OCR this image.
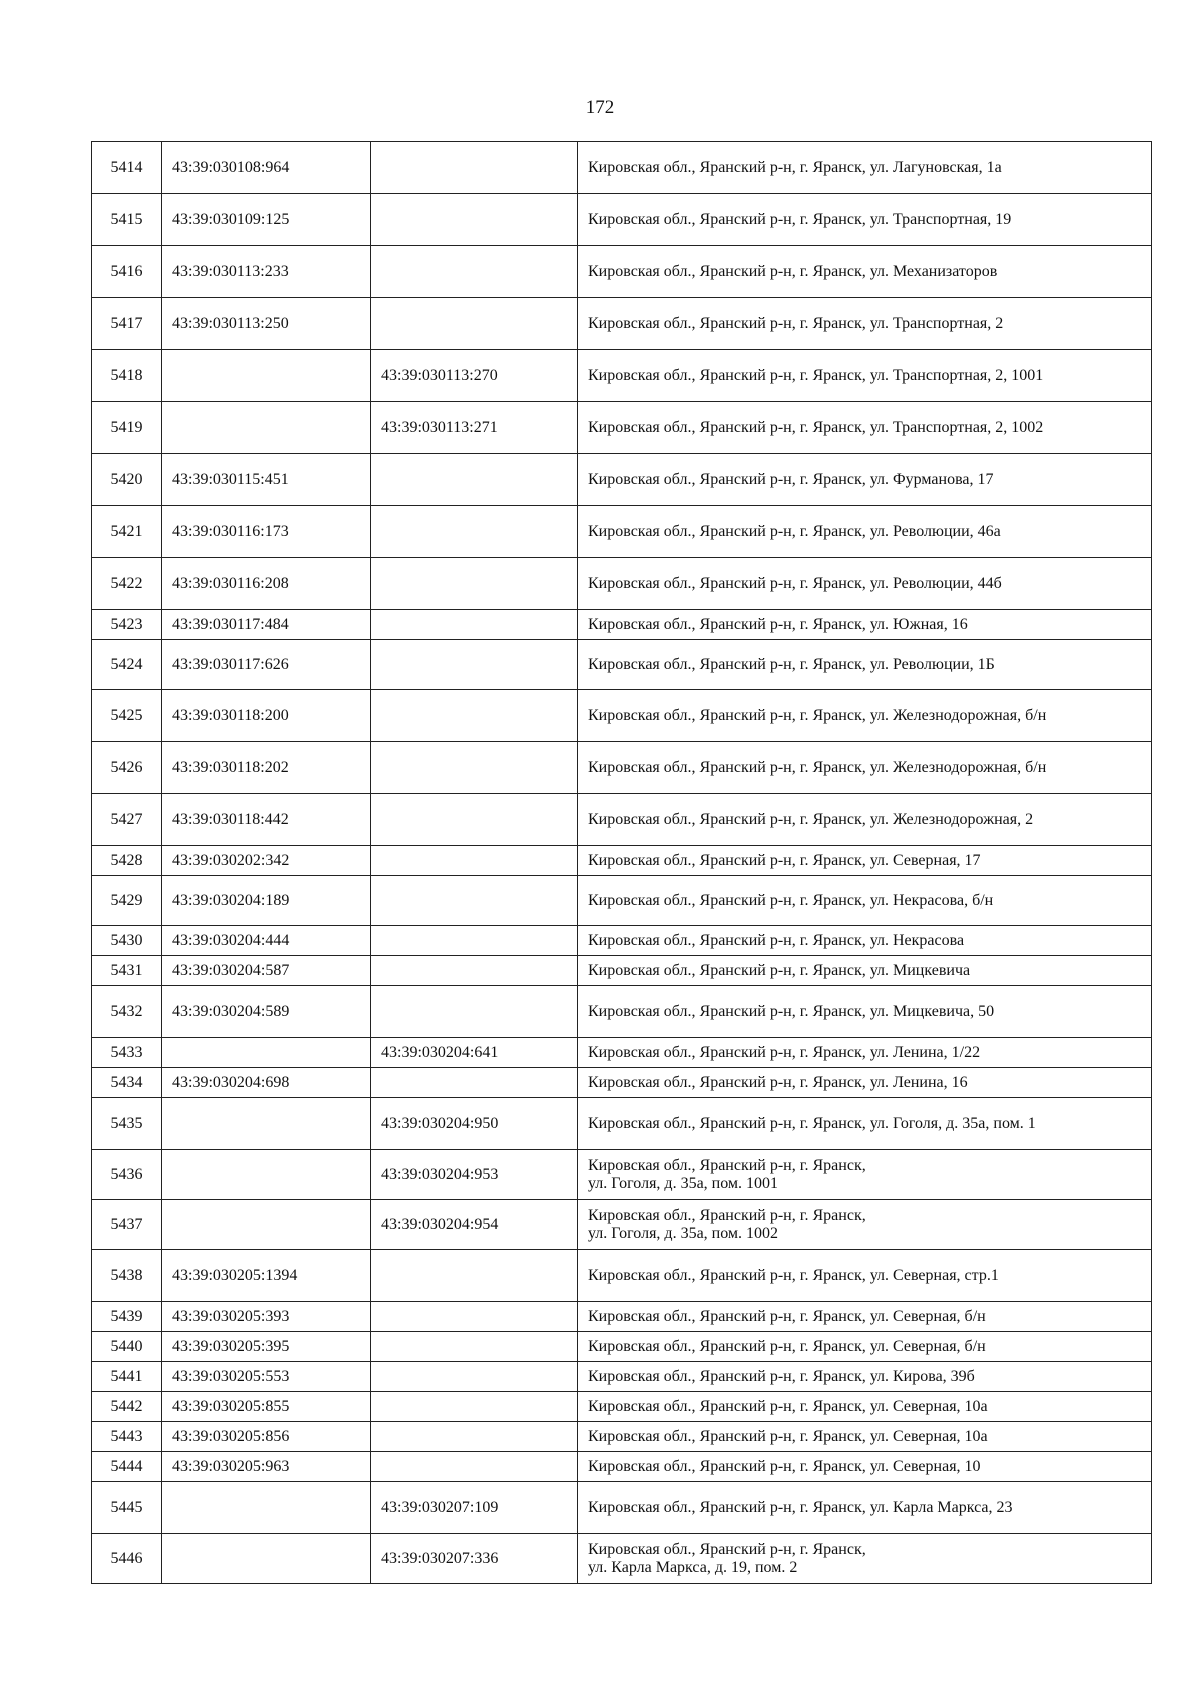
172
5414	43:39:030108:964		Кировская обл., Яранский р-н, г. Яранск, ул. Лагуновская, 1а

5415	43:39:030109:125		Кировская обл., Яранский р-н, г. Яранск, ул. Транспортная, 19

5416	43:39:030113:233		Кировская обл., Яранский р-н, г. Яранск, ул. Механизаторов

5417	43:39:030113:250		Кировская обл., Яранский р-н, г. Яранск, ул. Транспортная, 2

5418		43:39:030113:270	Кировская обл., Яранский р-н, г. Яранск, ул. Транспортная, 2, 1001

5419		43:39:030113:271	Кировская обл., Яранский р-н, г. Яранск, ул. Транспортная, 2, 1002

5420	43:39:030115:451		Кировская обл., Яранский р-н, г. Яранск, ул. Фурманова, 17

5421	43:39:030116:173		Кировская обл., Яранский р-н, г. Яранск, ул. Революции, 46а

5422	43:39:030116:208		Кировская обл., Яранский р-н, г. Яранск, ул. Революции, 44б

5423	43:39:030117:484		Кировская обл., Яранский р-н, г. Яранск, ул. Южная, 16

5424	43:39:030117:626		Кировская обл., Яранский р-н, г. Яранск, ул. Революции, 1Б

5425	43:39:030118:200		Кировская обл., Яранский р-н, г. Яранск, ул. Железнодорожная, б/н

5426	43:39:030118:202		Кировская обл., Яранский р-н, г. Яранск, ул. Железнодорожная, б/н

5427	43:39:030118:442		Кировская обл., Яранский р-н, г. Яранск, ул. Железнодорожная, 2

5428	43:39:030202:342		Кировская обл., Яранский р-н, г. Яранск, ул. Северная, 17

5429	43:39:030204:189		Кировская обл., Яранский р-н, г. Яранск, ул. Некрасова, б/н

5430	43:39:030204:444		Кировская обл., Яранский р-н, г. Яранск, ул. Некрасова

5431	43:39:030204:587		Кировская обл., Яранский р-н, г. Яранск, ул. Мицкевича

5432	43:39:030204:589		Кировская обл., Яранский р-н, г. Яранск, ул. Мицкевича, 50

5433		43:39:030204:641	Кировская обл., Яранский р-н, г. Яранск, ул. Ленина, 1/22

5434	43:39:030204:698		Кировская обл., Яранский р-н, г. Яранск, ул. Ленина, 16

5435		43:39:030204:950	Кировская обл., Яранский р-н, г. Яранск, ул. Гоголя, д. 35а, пом. 1

5436		43:39:030204:953	Кировская обл., Яранский р-н, г. Яранск,
ул. Гоголя, д. 35а, пом. 1001

5437		43:39:030204:954	Кировская обл., Яранский р-н, г. Яранск,
ул. Гоголя, д. 35а, пом. 1002

5438	43:39:030205:1394		Кировская обл., Яранский р-н, г. Яранск, ул. Северная, стр.1

5439	43:39:030205:393		Кировская обл., Яранский р-н, г. Яранск, ул. Северная, б/н

5440	43:39:030205:395		Кировская обл., Яранский р-н, г. Яранск, ул. Северная, б/н

5441	43:39:030205:553		Кировская обл., Яранский р-н, г. Яранск, ул. Кирова, 39б

5442	43:39:030205:855		Кировская обл., Яранский р-н, г. Яранск, ул. Северная, 10а

5443	43:39:030205:856		Кировская обл., Яранский р-н, г. Яранск, ул. Северная, 10а

5444	43:39:030205:963		Кировская обл., Яранский р-н, г. Яранск, ул. Северная, 10

5445		43:39:030207:109	Кировская обл., Яранский р-н, г. Яранск, ул. Карла Маркса, 23

5446		43:39:030207:336	Кировская обл., Яранский р-н, г. Яранск,
ул. Карла Маркса, д. 19, пом. 2
